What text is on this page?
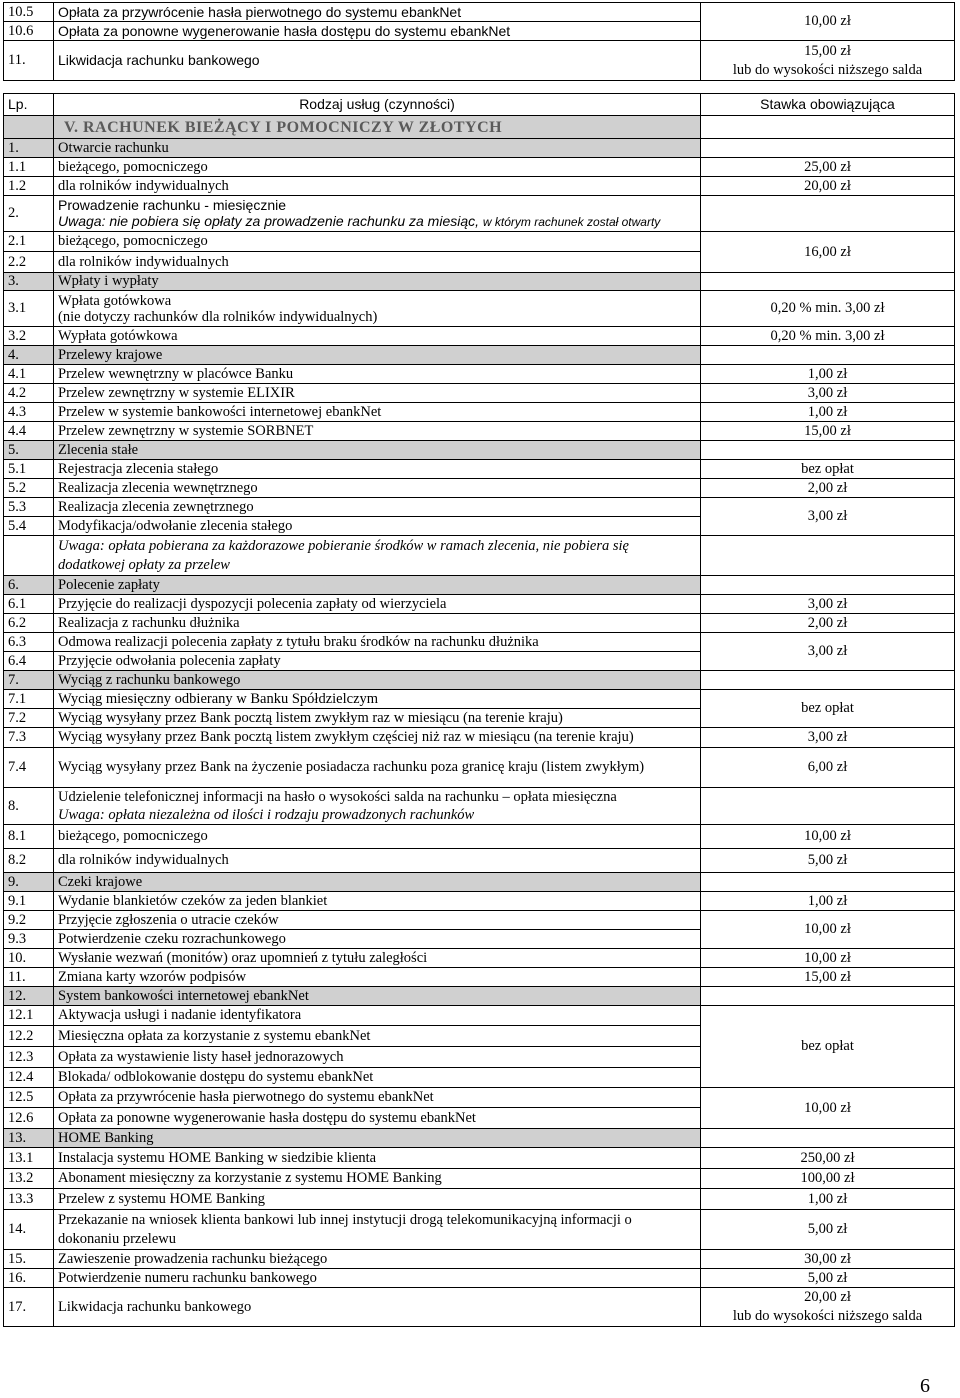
10.5	Opłata za przywrócenie hasła pierwotnego do systemu ebankNet	10,00 zł
10.6	Opłata za ponowne wygenerowanie hasła dostępu do systemu ebankNet	
11.	Likwidacja rachunku bankowego	15,00 zł
lub do wysokości niższego salda
Lp.	Rodzaj usług (czynności)	Stawka obowiązująca
	V. RACHUNEK BIEŻĄCY I POMOCNICZY W ZŁOTYCH	
1.	Otwarcie rachunku	
1.1	bieżącego, pomocniczego	25,00 zł
1.2	dla rolników indywidualnych	20,00 zł
2.	Prowadzenie rachunku - miesięcznie
Uwaga: nie pobiera się opłaty za prowadzenie rachunku za miesiąc, w którym rachunek został otwarty	

2.1	bieżącego, pomocniczego	16,00 zł
2.2	dla rolników indywidualnych	
3.	Wpłaty i wypłaty	
3.1	Wpłata gotówkowa
(nie dotyczy rachunków dla rolników indywidualnych)	0,20 % min. 3,00 zł
3.2	Wypłata gotówkowa	0,20 % min. 3,00 zł
4.	Przelewy krajowe	
4.1	Przelew wewnętrzny w placówce Banku	1,00 zł
4.2	Przelew zewnętrzny w systemie ELIXIR	3,00 zł
4.3	Przelew w systemie bankowości internetowej ebankNet	1,00 zł
4.4	Przelew zewnętrzny w systemie SORBNET	15,00 zł
5.	Zlecenia stałe	
5.1	Rejestracja zlecenia stałego	bez opłat
5.2	Realizacja zlecenia wewnętrznego	2,00 zł
5.3	Realizacja zlecenia zewnętrznego	3,00 zł
5.4	Modyfikacja/odwołanie zlecenia stałego	
	Uwaga: opłata pobierana za każdorazowe pobieranie środków w ramach zlecenia, nie pobiera się dodatkowej opłaty za przelew	
6.	Polecenie zapłaty	
6.1	Przyjęcie do realizacji dyspozycji polecenia zapłaty od wierzyciela	3,00 zł
6.2	Realizacja z rachunku dłużnika	2,00 zł
6.3	Odmowa realizacji polecenia zapłaty z tytułu braku środków na rachunku dłużnika	3,00 zł
6.4	Przyjęcie odwołania polecenia zapłaty	
7.	Wyciąg z rachunku bankowego	
7.1	Wyciąg miesięczny odbierany w Banku Spółdzielczym	bez opłat
7.2	Wyciąg wysyłany przez Bank pocztą listem zwykłym raz w miesiącu (na terenie kraju)	
7.3	Wyciąg wysyłany przez Bank pocztą listem zwykłym częściej niż raz w miesiącu (na terenie kraju)	3,00 zł
7.4	Wyciąg wysyłany przez Bank na życzenie posiadacza rachunku poza granicę kraju (listem zwykłym)	6,00 zł
8.	Udzielenie telefonicznej informacji na hasło o wysokości salda na rachunku – opłata miesięczna
Uwaga: opłata niezależna od ilości i rodzaju prowadzonych rachunków	

8.1	bieżącego, pomocniczego	10,00 zł
8.2	dla rolników indywidualnych	5,00 zł
9.	Czeki krajowe	
9.1	Wydanie blankietów czeków za jeden blankiet	1,00 zł
9.2	Przyjęcie zgłoszenia o utracie czeków	10,00 zł
9.3	Potwierdzenie czeku rozrachunkowego	
10.	Wysłanie wezwań (monitów) oraz upomnień z tytułu zaległości	10,00 zł
11.	Zmiana karty wzorów podpisów	15,00 zł
12.	System bankowości internetowej ebankNet	
12.1	Aktywacja usługi i nadanie identyfikatora	bez opłat
12.2	Miesięczna opłata za korzystanie z systemu ebankNet	
12.3	Opłata za wystawienie listy haseł jednorazowych	
12.4	Blokada/ odblokowanie dostępu do systemu ebankNet	
12.5	Opłata za przywrócenie hasła pierwotnego do systemu ebankNet	10,00 zł
12.6	Opłata za ponowne wygenerowanie hasła dostępu do systemu ebankNet	
13.	HOME Banking	
13.1	Instalacja systemu HOME Banking w siedzibie klienta	250,00 zł
13.2	Abonament miesięczny za korzystanie z systemu HOME Banking	100,00 zł
13.3	Przelew z systemu HOME Banking	1,00 zł
14.	Przekazanie na wniosek klienta bankowi lub innej instytucji drogą telekomunikacyjną informacji o dokonaniu przelewu	5,00 zł
15.	Zawieszenie prowadzenia rachunku bieżącego	30,00 zł
16.	Potwierdzenie numeru rachunku bankowego	5,00 zł
17.	Likwidacja rachunku bankowego	20,00 zł
lub do wysokości niższego salda
6
